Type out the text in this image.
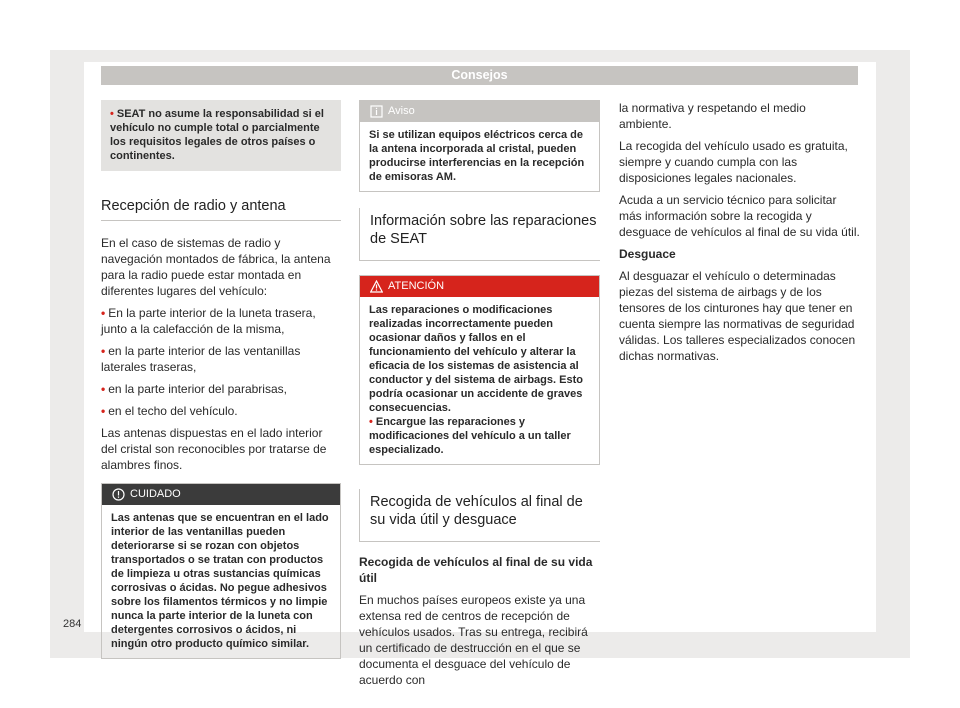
Consejos
• SEAT no asume la responsabilidad si el vehículo no cumple total o parcialmente los requisitos legales de otros países o continentes.
Recepción de radio y antena

En el caso de sistemas de radio y navegación montados de fábrica, la antena para la radio puede estar montada en diferentes lugares del vehículo:

• En la parte interior de la luneta trasera, junto a la calefacción de la misma,

• en la parte interior de las ventanillas laterales traseras,

• en la parte interior del parabrisas,

• en el techo del vehículo.

Las antenas dispuestas en el lado interior del cristal son reconocibles por tratarse de alambres finos.

CUIDADO

Las antenas que se encuentran en el lado interior de las ventanillas pueden deteriorarse si se rozan con objetos transportados o se tratan con productos de limpieza u otras sustancias químicas corrosivas o ácidas. No pegue adhesivos sobre los filamentos térmicos y no limpie nunca la parte interior de la luneta con detergentes corrosivos o ácidos, ni ningún otro producto químico similar.

Aviso

Si se utilizan equipos eléctricos cerca de la antena incorporada al cristal, pueden producirse interferencias en la recepción de emisoras AM.

Información sobre las reparaciones de SEAT
ATENCIÓN

Las reparaciones o modificaciones realizadas incorrectamente pueden ocasionar daños y fallos en el funcionamiento del vehículo y alterar la eficacia de los sistemas de asistencia al conductor y del sistema de airbags. Esto podría ocasionar un accidente de graves consecuencias.

• Encargue las reparaciones y modificaciones del vehículo a un taller especializado.

Recogida de vehículos al final de su vida útil y desguace

Recogida de vehículos al final de su vida útil

En muchos países europeos existe ya una extensa red de centros de recepción de vehículos usados. Tras su entrega, recibirá un certificado de destrucción en el que se documenta el desguace del vehículo de acuerdo con

la normativa y respetando el medio ambiente.

La recogida del vehículo usado es gratuita, siempre y cuando cumpla con las disposiciones legales nacionales.

Acuda a un servicio técnico para solicitar más información sobre la recogida y desguace de vehículos al final de su vida útil.

Desguace

Al desguazar el vehículo o determinadas piezas del sistema de airbags y de los tensores de los cinturones hay que tener en cuenta siempre las normativas de seguridad válidas. Los talleres especializados conocen dichas normativas.

284
